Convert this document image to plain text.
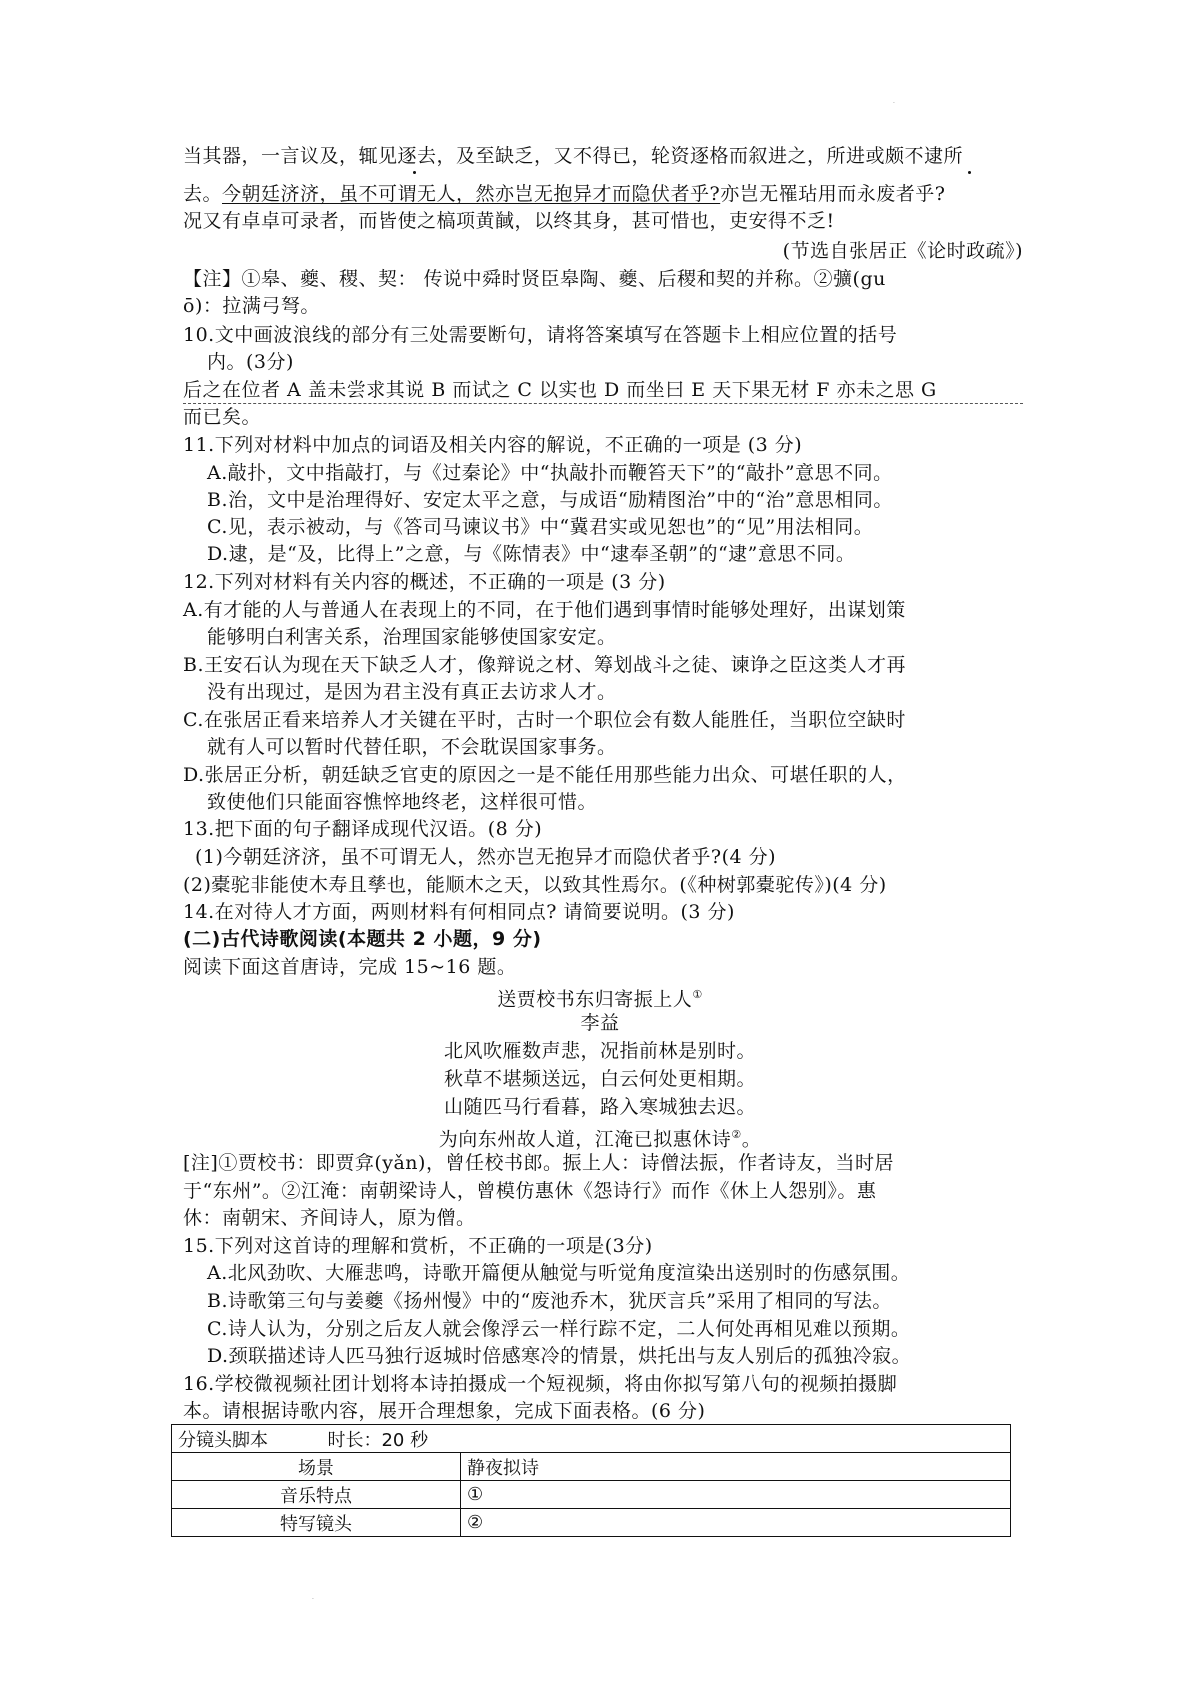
·
当其器，一言议及，辄见逐去，及至缺乏，又不得已，轮资逐格而叙进之，所进或颇不逮所
去。今朝廷济济，虽不可谓无人，然亦岂无抱异才而隐伏者乎?亦岂无罹玷用而永废者乎?
况又有卓卓可录者，而皆使之槁项黄馘，以终其身，甚可惜也，吏安得不乏!
(节选自张居正《论时政疏》)
【注】①皋、夔、稷、契： 传说中舜时贤臣皋陶、夔、后稷和契的并称。②彍(gu
ō)：拉满弓弩。
10.文中画波浪线的部分有三处需要断句，请将答案填写在答题卡上相应位置的括号
内。(3分)
后之在位者 A 盖未尝求其说 B 而试之 C 以实也 D 而坐曰 E 天下果无材 F 亦未之思 G
而已矣。
11.下列对材料中加点的词语及相关内容的解说，不正确的一项是 (3 分)
A.敲扑，文中指敲打，与《过秦论》中“执敲扑而鞭笞天下”的“敲扑”意思不同。
B.治，文中是治理得好、安定太平之意，与成语“励精图治”中的“治”意思相同。
C.见，表示被动，与《答司马谏议书》中“冀君实或见恕也”的“见”用法相同。
D.逮，是“及，比得上”之意，与《陈情表》中“逮奉圣朝”的“逮”意思不同。
12.下列对材料有关内容的概述，不正确的一项是 (3 分)
A.有才能的人与普通人在表现上的不同，在于他们遇到事情时能够处理好，出谋划策
能够明白利害关系，治理国家能够使国家安定。
B.王安石认为现在天下缺乏人才，像辩说之材、筹划战斗之徒、谏诤之臣这类人才再
没有出现过，是因为君主没有真正去访求人才。
C.在张居正看来培养人才关键在平时，古时一个职位会有数人能胜任，当职位空缺时
就有人可以暂时代替任职，不会耽误国家事务。
D.张居正分析，朝廷缺乏官吏的原因之一是不能任用那些能力出众、可堪任职的人，
致使他们只能面容憔悴地终老，这样很可惜。
13.把下面的句子翻译成现代汉语。(8 分)
(1)今朝廷济济，虽不可谓无人，然亦岂无抱异才而隐伏者乎?(4 分)
(2)橐驼非能使木寿且孳也，能顺木之天，以致其性焉尔。(《种树郭橐驼传》)(4 分)
14.在对待人才方面，两则材料有何相同点? 请简要说明。(3 分)
(二)古代诗歌阅读(本题共 2 小题，9 分)
阅读下面这首唐诗，完成 15~16 题。
送贾校书东归寄振上人①
李益
北风吹雁数声悲，况指前林是别时。
秋草不堪频送远，白云何处更相期。
山随匹马行看暮，路入寒城独去迟。
为向东州故人道，江淹已拟惠休诗②。
[注]①贾校书：即贾弇(yǎn)，曾任校书郎。振上人：诗僧法振，作者诗友，当时居
于“东州”。②江淹：南朝梁诗人，曾模仿惠休《怨诗行》而作《休上人怨别》。惠
休：南朝宋、齐间诗人，原为僧。
15.下列对这首诗的理解和赏析，不正确的一项是(3分)
A.北风劲吹、大雁悲鸣，诗歌开篇便从触觉与听觉角度渲染出送别时的伤感氛围。
B.诗歌第三句与姜夔《扬州慢》中的“废池乔木，犹厌言兵”采用了相同的写法。
C.诗人认为，分别之后友人就会像浮云一样行踪不定，二人何处再相见难以预期。
D.颈联描述诗人匹马独行返城时倍感寒冷的情景，烘托出与友人别后的孤独冷寂。
16.学校微视频社团计划将本诗拍摄成一个短视频，将由你拟写第八句的视频拍摄脚
本。请根据诗歌内容，展开合理想象，完成下面表格。(6 分)
分镜头脚本 时长：20 秒	
场景	静夜拟诗
音乐特点	①
特写镜头	②
·
